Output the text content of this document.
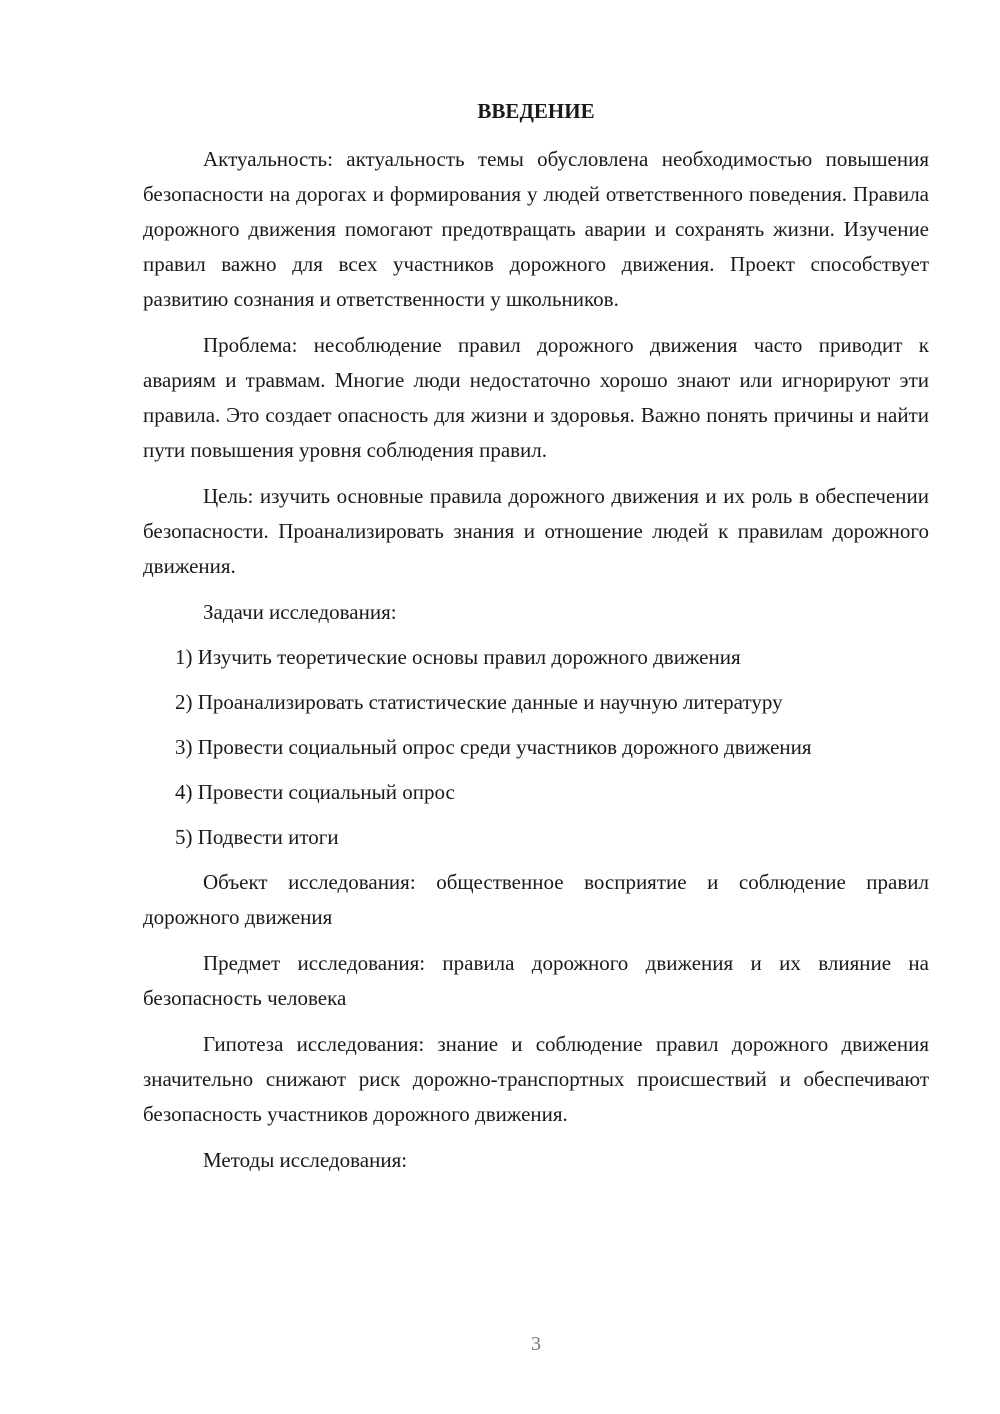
ВВЕДЕНИЕ

Актуальность: актуальность темы обусловлена необходимостью повышения безопасности на дорогах и формирования у людей ответственного поведения. Правила дорожного движения помогают предотвращать аварии и сохранять жизни. Изучение правил важно для всех участников дорожного движения. Проект способствует развитию сознания и ответственности у школьников.

Проблема: несоблюдение правил дорожного движения часто приводит к авариям и травмам. Многие люди недостаточно хорошо знают или игнорируют эти правила. Это создает опасность для жизни и здоровья. Важно понять причины и найти пути повышения уровня соблюдения правил.

Цель: изучить основные правила дорожного движения и их роль в обеспечении безопасности. Проанализировать знания и отношение людей к правилам дорожного движения.

Задачи исследования:

1) Изучить теоретические основы правил дорожного движения
2) Проанализировать статистические данные и научную литературу
3) Провести социальный опрос среди участников дорожного движения
4) Провести социальный опрос
5) Подвести итоги

Объект исследования: общественное восприятие и соблюдение правил дорожного движения

Предмет исследования: правила дорожного движения и их влияние на безопасность человека

Гипотеза исследования: знание и соблюдение правил дорожного движения значительно снижают риск дорожно-транспортных происшествий и обеспечивают безопасность участников дорожного движения.

Методы исследования:

3
